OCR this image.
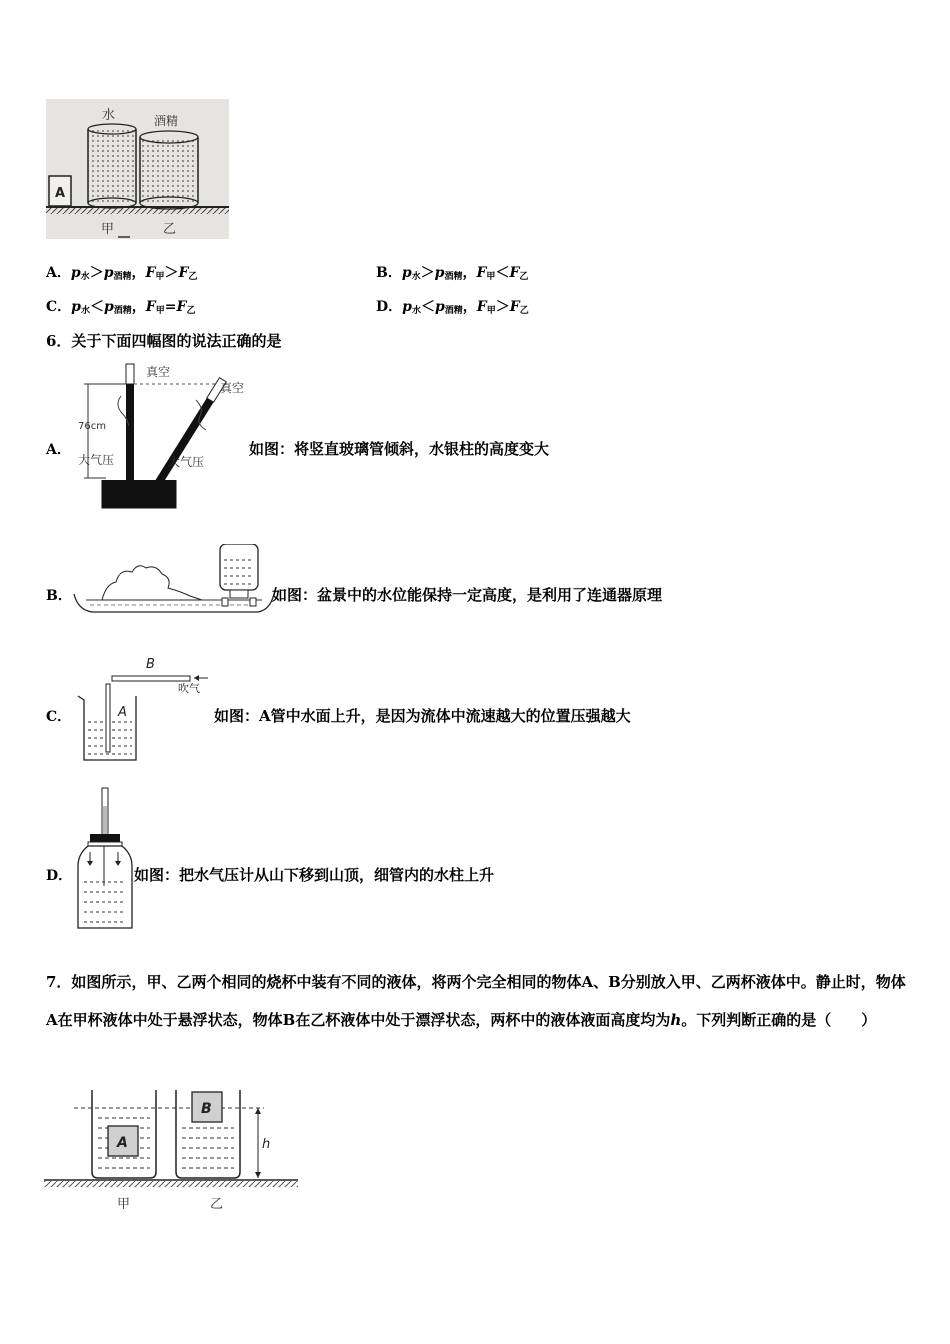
A
水	酒精
甲	乙
A．$p_水>p_{酒精}$，$F_甲>F_乙$	B．$p_水>p_{酒精}$，$F_甲<F_乙$
C．$p_水<p_{酒精}$，$F_甲=F_乙$	D．$p_水<p_{酒精}$，$F_甲>F_乙$
6．关于下面四幅图的说法正确的是
A．
真空
真空
76cm
大气压	大气压
如图：将竖直玻璃管倾斜，水银柱的高度变大
B．	如图：盆景中的水位能保持一定高度，是利用了连通器原理
C．
B
吹气
A	如图：A管中水面上升，是因为流体中流速越大的位置压强越大
D．	如图：把水气压计从山下移到山顶，细管内的水柱上升
7．如图所示，甲、乙两个相同的烧杯中装有不同的液体，将两个完全相同的物体A、B分别放入甲、乙两杯液体中。静止时，物体A在甲杯液体中处于悬浮状态，物体B在乙杯液体中处于漂浮状态，两杯中的液体液面高度均为h。下列判断正确的是（　　）
A
B
h
甲	乙
